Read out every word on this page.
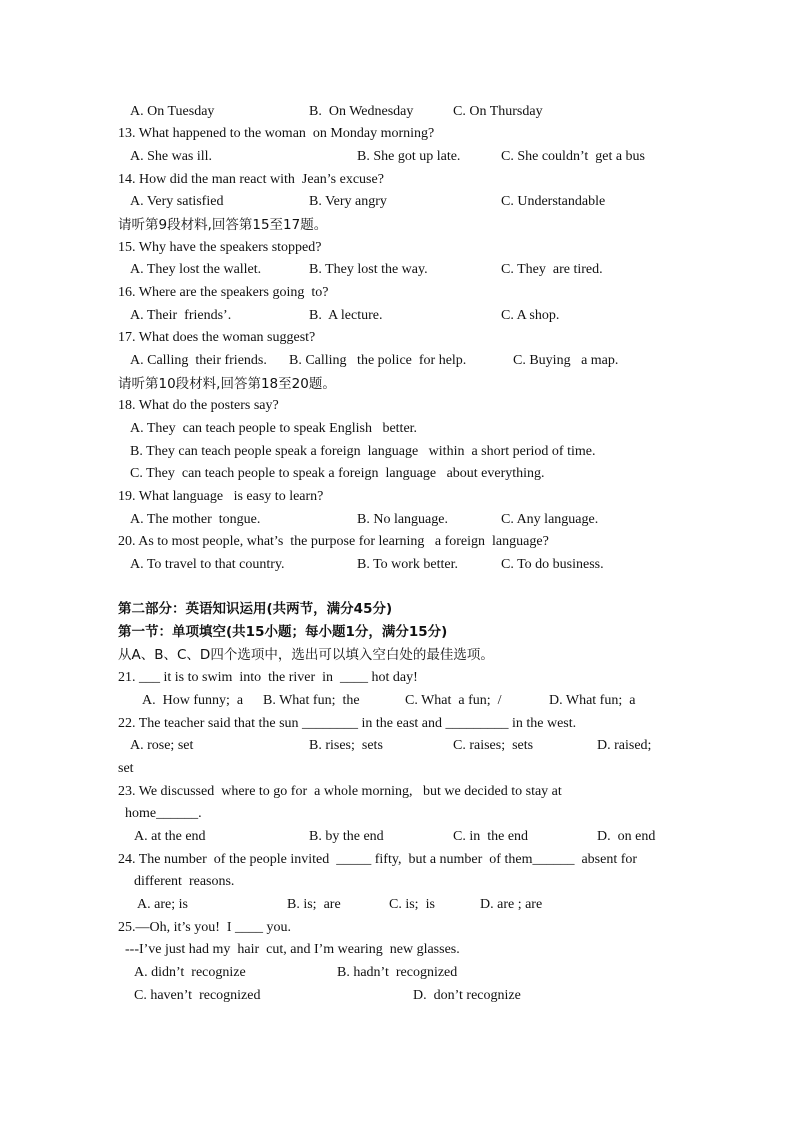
A. On Tuesday	B.  On Wednesday	C. On Thursday
13. What happened to the woman  on Monday morning?
A. She was ill.	B. She got up late.	C. She couldn’t  get a bus
14. How did the man react with  Jean’s excuse?
A. Very satisfied	B. Very angry	C. Understandable
请听第9段材料,回答第15至17题。
15. Why have the speakers stopped?
A. They lost the wallet.	B. They lost the way.	C. They  are tired.
16. Where are the speakers going  to?
A. Their  friends’.	B.  A lecture.	C. A shop.
17. What does the woman suggest?
A. Calling  their friends. B. Calling   the police  for help.	C. Buying   a map.
请听第10段材料,回答第18至20题。
18. What do the posters say?
A. They  can teach people to speak English   better.
B. They can teach people speak a foreign  language   within  a short period of time.
C. They  can teach people to speak a foreign  language   about everything.
19. What language   is easy to learn?
A. The mother  tongue.	B. No language.	C. Any language.
20. As to most people, what’s  the purpose for learning   a foreign  language?
A. To travel to that country.	B. To work better.	C. To do business.
第二部分：英语知识运用(共两节，满分45分)
第一节：单项填空(共15小题；每小题1分，满分15分)
从A、B、C、D四个选项中，选出可以填入空白处的最佳选项。
21. ___ it is to swim  into  the river  in  ____ hot day!
A.  How funny;  a B. What fun;  the	C. What  a fun;  /	D. What fun;  a
22. The teacher said that the sun ________ in the east and _________ in the west.
A. rose; set	B. rises;  sets	C. raises;  sets	D. raised;
set
23. We discussed  where to go for  a whole morning,   but we decided to stay at
home______.
A. at the end	B. by the end	C. in  the end	D.  on end
24. The number  of the people invited  _____ fifty,  but a number  of them______  absent for
different  reasons.
A. are; is	B. is;  are	C. is;  is	D. are ; are
25.—Oh, it’s you!  I ____ you.
---I’ve just had my  hair  cut, and I’m wearing  new glasses.
A. didn’t  recognize	B. hadn’t  recognized
C. haven’t  recognized	D.  don’t recognize
